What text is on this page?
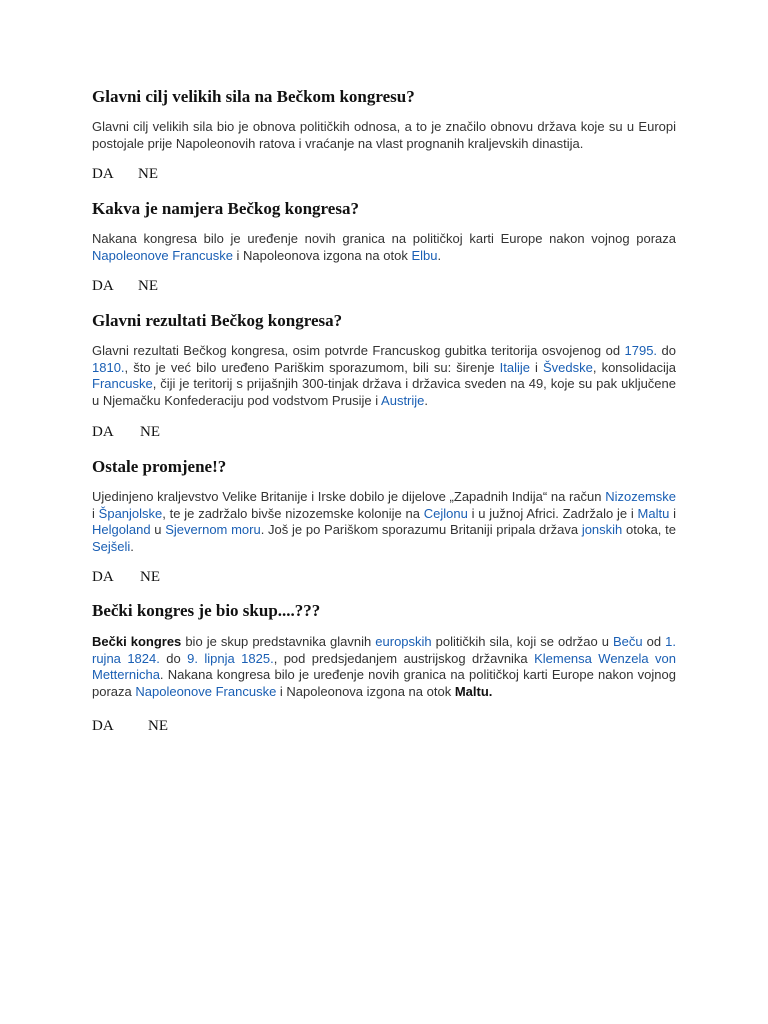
Glavni cilj velikih sila na Bečkom kongresu?

Glavni cilj velikih sila bio je obnova političkih odnosa, a to je značilo obnovu država koje su u Europi postojale prije Napoleonovih ratova i vraćanje na vlast prognanih kraljevskih dinastija.

DA NE
Kakva je namjera Bečkog kongresa?

Nakana kongresa bilo je uređenje novih granica na političkoj karti Europe nakon vojnog poraza Napoleonove Francuske i Napoleonova izgona na otok Elbu.

DA NE
Glavni rezultati Bečkog kongresa?

Glavni rezultati Bečkog kongresa, osim potvrde Francuskog gubitka teritorija osvojenog od 1795. do 1810., što je već bilo uređeno Pariškim sporazumom, bili su: širenje Italije i Švedske, konsolidacija Francuske, čiji je teritorij s prijašnjih 300-tinjak država i državica sveden na 49, koje su pak uključene u Njemačku Konfederaciju pod vodstvom Prusije i Austrije.

DA NE
Ostale promjene!?

Ujedinjeno kraljevstvo Velike Britanije i Irske dobilo je dijelove „Zapadnih Indija“ na račun Nizozemske i Španjolske, te je zadržalo bivše nizozemske kolonije na Cejlonu i u južnoj Africi. Zadržalo je i Maltu i Helgoland u Sjevernom moru. Još je po Pariškom sporazumu Britaniji pripala država jonskih otoka, te Sejšeli.

DA NE
Bečki kongres je bio skup....???

Bečki kongres bio je skup predstavnika glavnih europskih političkih sila, koji se održao u Beču od 1. rujna 1824. do 9. lipnja 1825., pod predsjedanjem austrijskog državnika Klemensa Wenzela von Metternicha. Nakana kongresa bilo je uređenje novih granica na političkoj karti Europe nakon vojnog poraza Napoleonove Francuske i Napoleonova izgona na otok Maltu.

DA NE
